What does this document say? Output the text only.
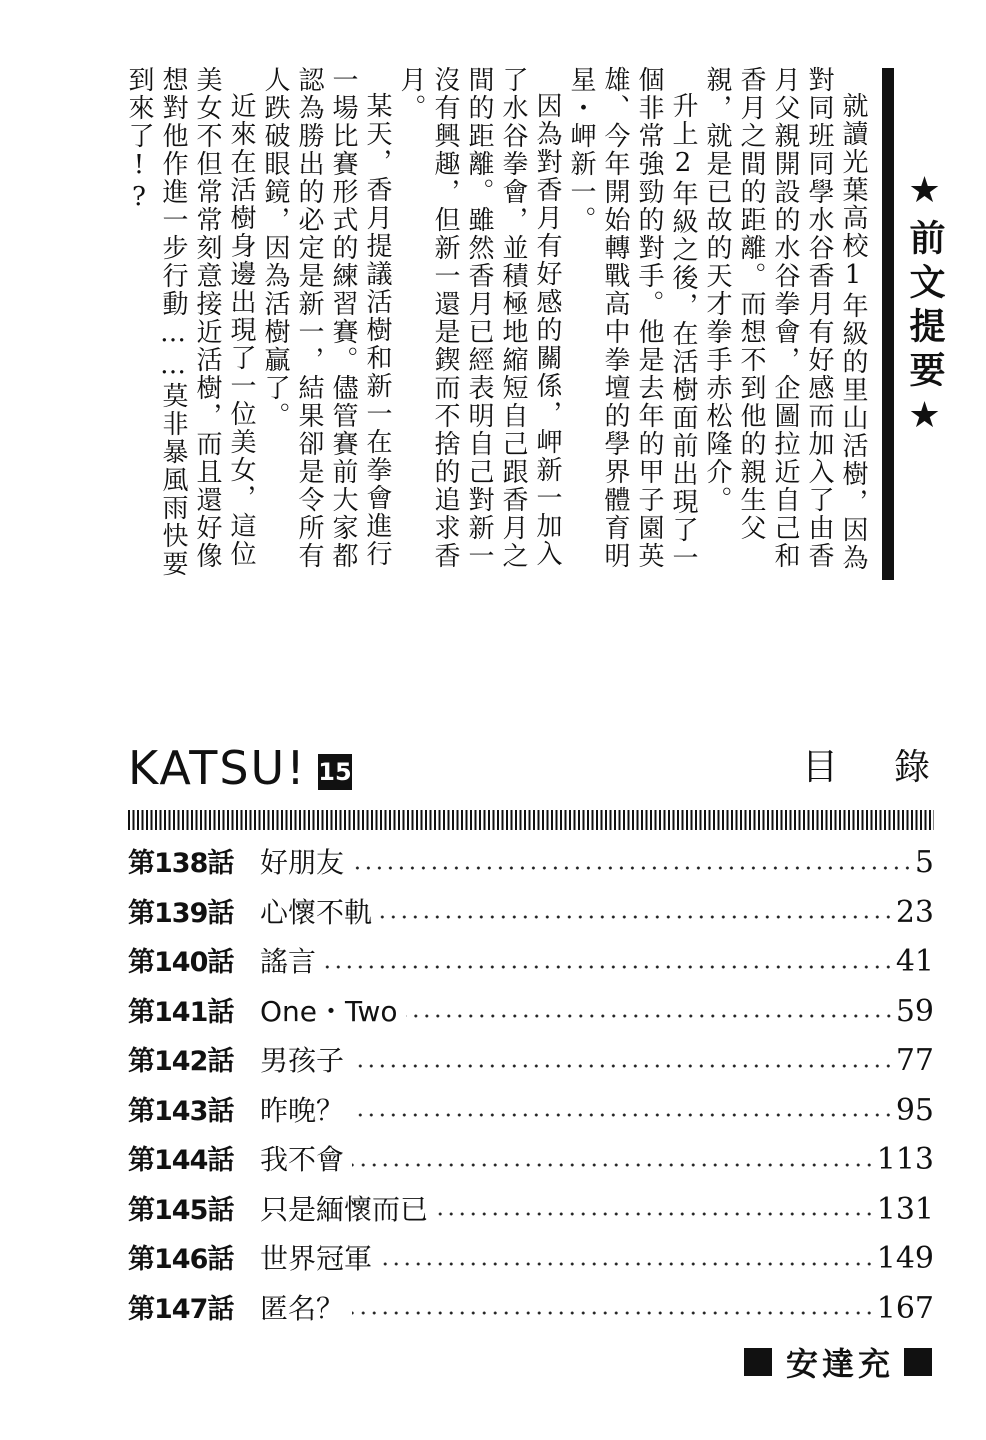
★前文提要★

就讀光葉高校1年級的里山活樹，因為對同班同學水谷香月有好感而加入了由香月父親開設的水谷拳會，企圖拉近自己和香月之間的距離。而想不到他的親生父親，就是已故的天才拳手赤松隆介。

升上2年級之後，在活樹面前出現了一個非常強勁的對手。他是去年的甲子園英雄、今年開始轉戰高中拳壇的學界體育明星・岬新一。

因為對香月有好感的關係，岬新一加入了水谷拳會，並積極地縮短自己跟香月之間的距離。雖然香月已經表明自己對新一沒有興趣，但新一還是鍥而不捨的追求香月。

某天，香月提議活樹和新一在拳會進行一場比賽形式的練習賽。儘管賽前大家都認為勝出的必定是新一，結果卻是令所有人跌破眼鏡，因為活樹贏了。

近來在活樹身邊出現了一位美女，這位美女不但常常刻意接近活樹，而且還好像想對他作進一步行動……莫非暴風雨快要到來了!?

KATSU! 15	目錄
第138話 好朋友	5
第139話 心懷不軌	23
第140話 謠言	41
第141話 One・Two	59
第142話 男孩子	77
第143話 昨晚？	95
第144話 我不會	113
第145話 只是緬懷而已	131
第146話 世界冠軍	149
第147話 匿名？	167
安達充
